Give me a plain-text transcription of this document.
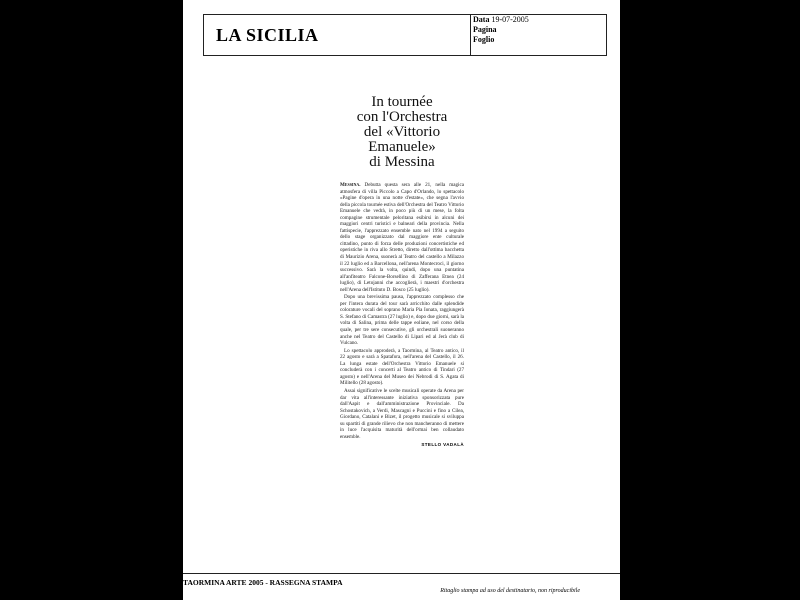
LA SICILIA
Data 19-07-2005
Pagina
Foglio
In tournée
con l'Orchestra
del «Vittorio
Emanuele»
di Messina

Messina. Debutta questa sera alle 21, nella magica atmosfera di villa Piccolo a Capo d'Orlando, lo spettacolo «Pagine d'opera in una notte d'estate», che segna l'avvio della piccola tournée estiva dell'Orchestra del Teatro Vittorio Emanuele che vedrà, in poco più di un mese, la folta compagine strumentale peloritana esibirsi in alcuni dei maggiori centri turistici e balneari della provincia. Nella fattispecie, l'apprezzato ensemble nato nel 1994 a seguito dello stage organizzato dal maggiore ente culturale cittadino, punto di forza delle produzioni concertistiche ed operistiche in riva allo Stretto, diretto dall'ottima bacchetta di Maurizio Arena, suonerà al Teatro del castello a Milazzo il 22 luglio ed a Barcellona, nell'arena Montecroci, il giorno successivo. Sarà la volta, quindi, dopo una puntatina all'anfiteatro Falcone-Borsellino di Zafferana Etnea (24 luglio), di Letojanni che accoglierà, i maestri d'orchestra nell'Arena dell'Istituto D. Bosco (25 luglio).

Dopo una brevissima pausa, l'apprezzato complesso che per l'intera durata del tour sarà arricchito dalle splendide colorature vocali del soprano Maria Pia Ionata, raggiungerà S. Stefano di Camastra (27 luglio) e, dopo due giorni, sarà la volta di Salina, prima delle tappe eoliane, nel corso della quale, per tre sere consecutive, gli orchestrali suoneranno anche nel Teatro del Castello di Lipari ed al Jerà club di Vulcano.

Lo spettacolo approderà, a Taormina, al Teatro antico, il 22 agosto e sarà a Spatafora, nell'arena del Castello, il 26. La lunga estate dell'Orchestra Vittorio Emanuele si concluderà con i concerti al Teatro antico di Tindari (27 agosto) e nell'Arena del Museo dei Nebrodi di S. Agata di Militello (28 agosto).

Assai significative le scelte musicali operate da Arena per dar vita all'interessante iniziativa sponsorizzata pure dall'Aapit e dall'amministrazione Provinciale. Da Schostakovich, a Verdi, Mascagni e Puccini e fino a Cilea, Giordano, Catalani e Bizet, il progetto musicale si sviluppa su spartiti di grande rilievo che non mancheranno di mettere in luce l'acquisita maturità dell'ormai ben collaudato ensemble.

STELLO VADALÀ
TAORMINA ARTE 2005 - RASSEGNA STAMPA
Ritaglio stampa ad uso del destinatario, non riproducibile
